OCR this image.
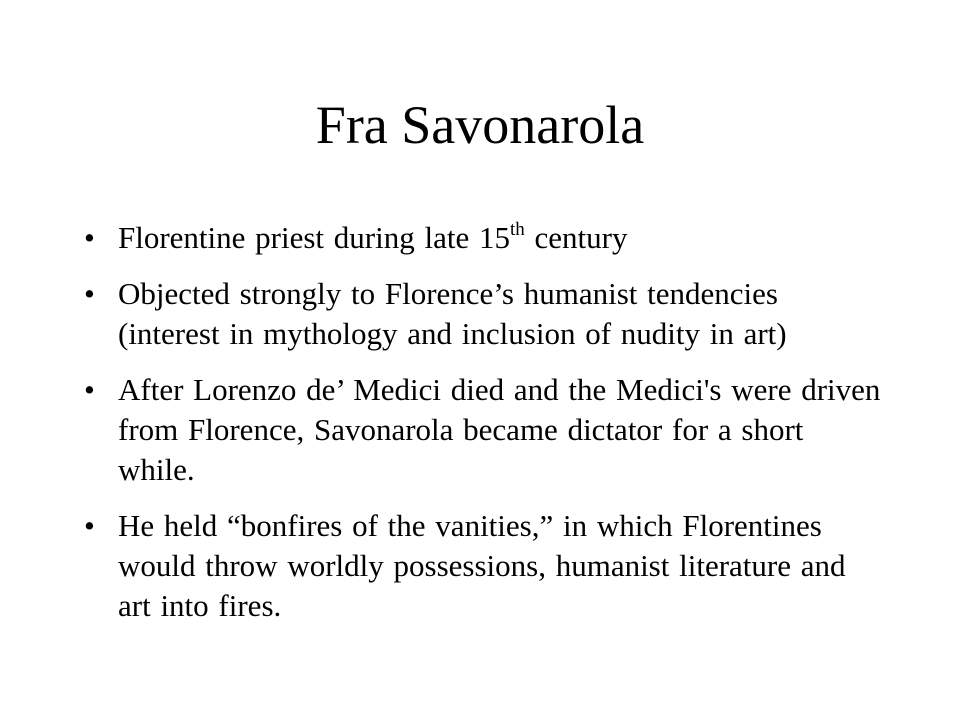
Fra Savonarola
• Florentine priest during late 15th century
• Objected strongly to Florence’s humanist tendencies (interest in mythology and inclusion of nudity in art)
• After Lorenzo de’ Medici died and the Medici's were driven from Florence, Savonarola became dictator for a short while.
• He held “bonfires of the vanities,” in which Florentines would throw worldly possessions, humanist literature and art into fires.
